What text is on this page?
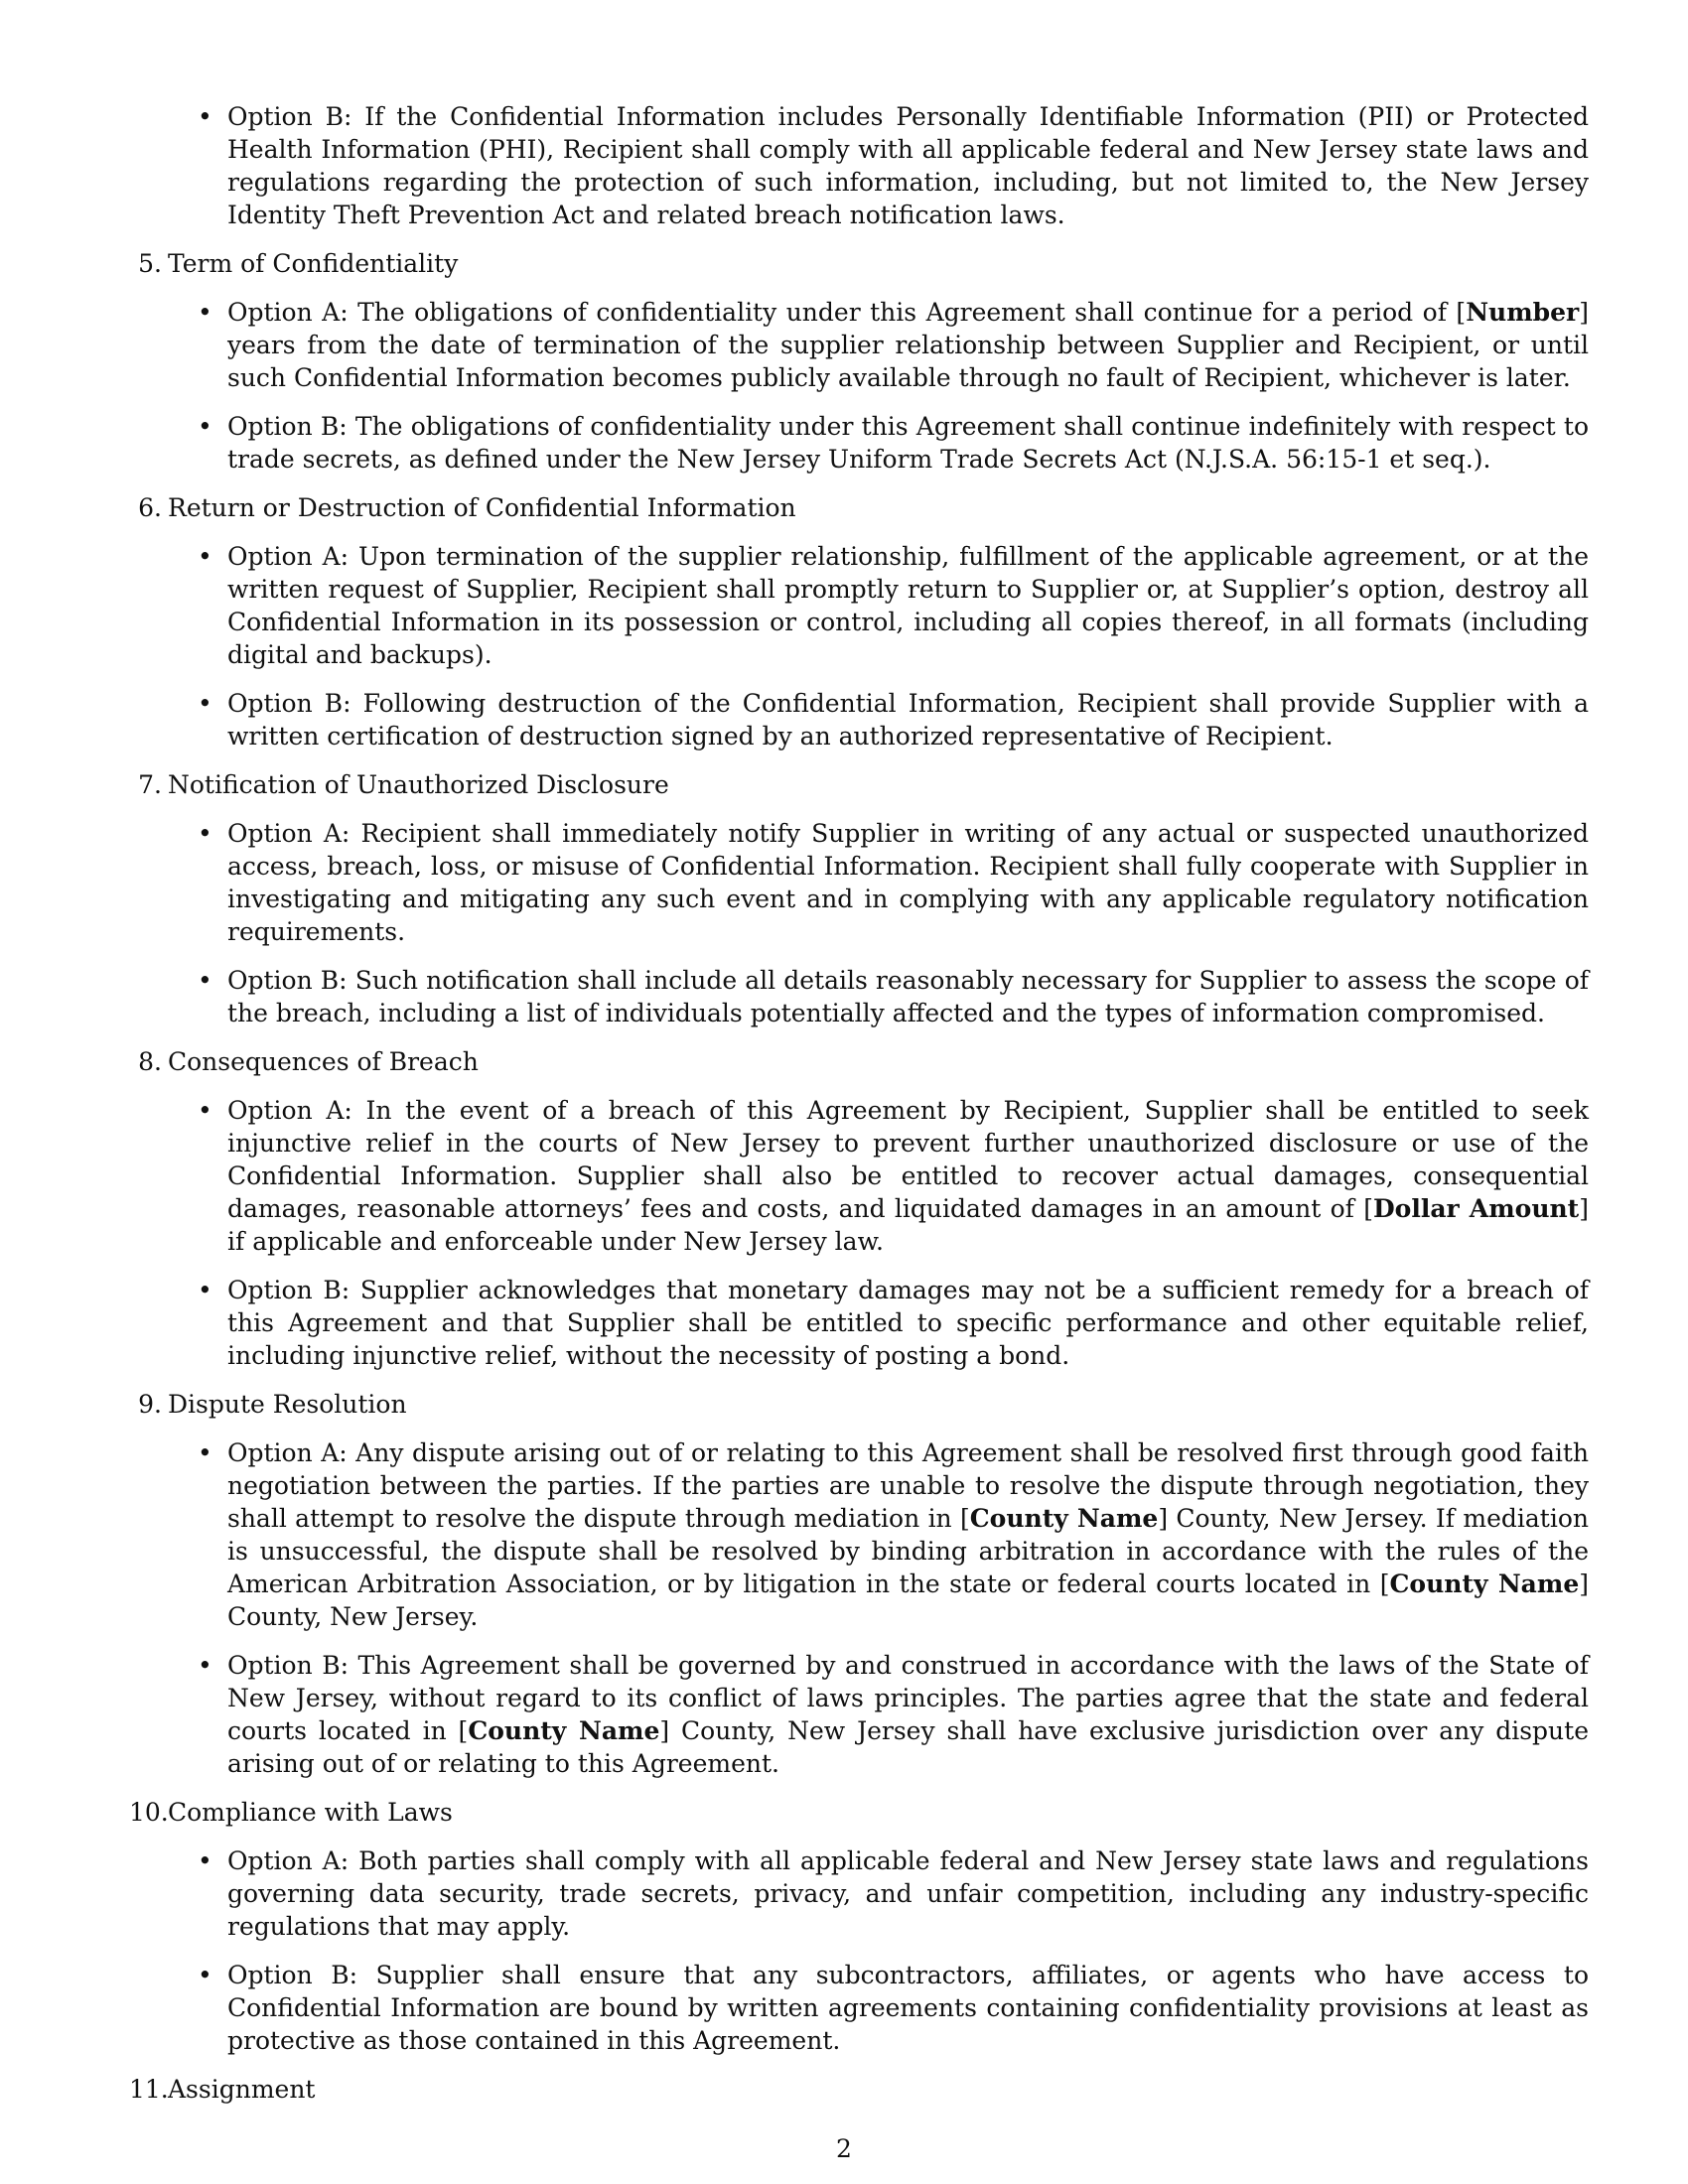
• Option B: If the Confidential Information includes Personally Identifiable Information (PII) or Protected Health Information (PHI), Recipient shall comply with all applicable federal and New Jersey state laws and regulations regarding the protection of such information, including, but not limited to, the New Jersey Identity Theft Prevention Act and related breach notification laws.

5. Term of Confidentiality

• Option A: The obligations of confidentiality under this Agreement shall continue for a period of [Number] years from the date of termination of the supplier relationship between Supplier and Recipient, or until such Confidential Information becomes publicly available through no fault of Recipient, whichever is later.

• Option B: The obligations of confidentiality under this Agreement shall continue indefinitely with respect to trade secrets, as defined under the New Jersey Uniform Trade Secrets Act (N.J.S.A. 56:15-1 et seq.).

6. Return or Destruction of Confidential Information

• Option A: Upon termination of the supplier relationship, fulfillment of the applicable agreement, or at the written request of Supplier, Recipient shall promptly return to Supplier or, at Supplier’s option, destroy all Confidential Information in its possession or control, including all copies thereof, in all formats (including digital and backups).

• Option B: Following destruction of the Confidential Information, Recipient shall provide Supplier with a written certification of destruction signed by an authorized representative of Recipient.

7. Notification of Unauthorized Disclosure

• Option A: Recipient shall immediately notify Supplier in writing of any actual or suspected unauthorized access, breach, loss, or misuse of Confidential Information. Recipient shall fully cooperate with Supplier in investigating and mitigating any such event and in complying with any applicable regulatory notification requirements.

• Option B: Such notification shall include all details reasonably necessary for Supplier to assess the scope of the breach, including a list of individuals potentially affected and the types of information compromised.

8. Consequences of Breach

• Option A: In the event of a breach of this Agreement by Recipient, Supplier shall be entitled to seek injunctive relief in the courts of New Jersey to prevent further unauthorized disclosure or use of the Confidential Information. Supplier shall also be entitled to recover actual damages, consequential damages, reasonable attorneys’ fees and costs, and liquidated damages in an amount of [Dollar Amount] if applicable and enforceable under New Jersey law.

• Option B: Supplier acknowledges that monetary damages may not be a sufficient remedy for a breach of this Agreement and that Supplier shall be entitled to specific performance and other equitable relief, including injunctive relief, without the necessity of posting a bond.

9. Dispute Resolution

• Option A: Any dispute arising out of or relating to this Agreement shall be resolved first through good faith negotiation between the parties. If the parties are unable to resolve the dispute through negotiation, they shall attempt to resolve the dispute through mediation in [County Name] County, New Jersey. If mediation is unsuccessful, the dispute shall be resolved by binding arbitration in accordance with the rules of the American Arbitration Association, or by litigation in the state or federal courts located in [County Name] County, New Jersey.

• Option B: This Agreement shall be governed by and construed in accordance with the laws of the State of New Jersey, without regard to its conflict of laws principles. The parties agree that the state and federal courts located in [County Name] County, New Jersey shall have exclusive jurisdiction over any dispute arising out of or relating to this Agreement.

10. Compliance with Laws

• Option A: Both parties shall comply with all applicable federal and New Jersey state laws and regulations governing data security, trade secrets, privacy, and unfair competition, including any industry-specific regulations that may apply.

• Option B: Supplier shall ensure that any subcontractors, affiliates, or agents who have access to Confidential Information are bound by written agreements containing confidentiality provisions at least as protective as those contained in this Agreement.

11. Assignment
2
